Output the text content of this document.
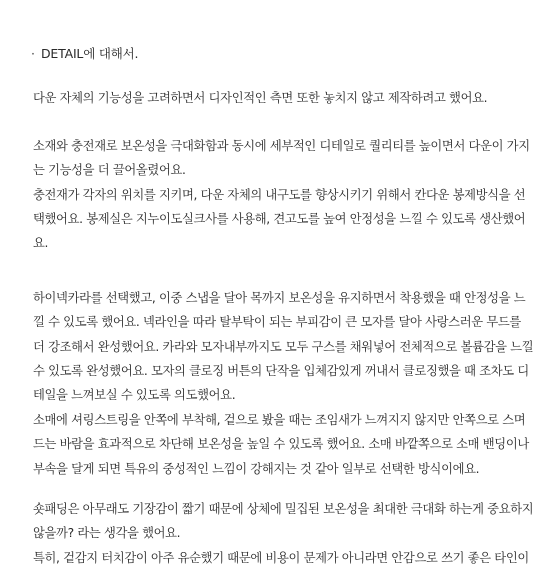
· DETAIL에 대해서.

다운 자체의 기능성을 고려하면서 디자인적인 측면 또한 놓치지 않고 제작하려고 했어요.

소재와 충전재로 보온성을 극대화함과 동시에 세부적인 디테일로 퀄리티를 높이면서 다운이 가지
는 기능성을 더 끌어올렸어요.
충전재가 각자의 위치를 지키며, 다운 자체의 내구도를 향상시키기 위해서 칸다운 봉제방식을 선
택했어요. 봉제실은 지누이도실크사를 사용해, 견고도를 높여 안정성을 느낄 수 있도록 생산했어
요.

하이넥카라를 선택했고, 이중 스냅을 달아 목까지 보온성을 유지하면서 착용했을 때 안정성을 느
낄 수 있도록 했어요. 넥라인을 따라 탈부탁이 되는 부피감이 큰 모자를 달아 사랑스러운 무드를
더 강조해서 완성했어요. 카라와 모자내부까지도 모두 구스를 채워넣어 전체적으로 볼륨감을 느낄
수 있도록 완성했어요. 모자의 클로징 버튼의 단작을 입체감있게 꺼내서 클로징했을 때 조차도 디
테일을 느껴보실 수 있도록 의도했어요.

소매에 셔링스트링을 안쪽에 부착해, 겉으로 봤을 때는 조임새가 느껴지지 않지만 안쪽으로 스며
드는 바람을 효과적으로 차단해 보온성을 높일 수 있도록 했어요. 소매 바깥쪽으로 소매 밴딩이나
부속을 달게 되면 특유의 중성적인 느낌이 강해지는 것 같아 일부로 선택한 방식이에요.

숏패딩은 아무래도 기장감이 짧기 때문에 상체에 밀집된 보온성을 최대한 극대화 하는게 중요하지
않을까? 라는 생각을 했어요.
특히, 겉감지 터치감이 아주 유순했기 때문에 비용이 문제가 아니라면 안감으로 쓰기 좋은 타인이
